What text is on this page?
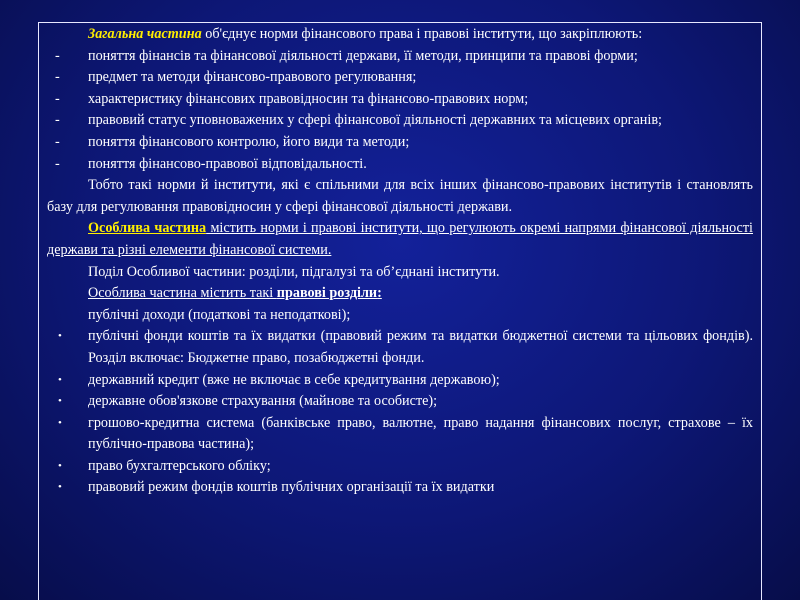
Загальна частина об'єднує норми фінансового права і правові інститути, що закріплюють:

- поняття фінансів та фінансової діяльності держави, її методи, принципи та правові форми;
- предмет та методи фінансово-правового регулювання;
- характеристику фінансових правовідносин та фінансово-правових норм;
- правовий статус уповноважених у сфері фінансової діяльності державних та місцевих органів;
- поняття фінансового контролю, його види та методи;
- поняття фінансово-правової відповідальності.

Тобто такі норми й інститути, які є спільними для всіх інших фінансово-правових інститутів і становлять базу для регулювання правовідносин у сфері фінансової діяльності держави.

Особлива частина містить норми і правові інститути, що регулюють окремі напрями фінансової діяльності держави та різні елементи фінансової системи.

Поділ Особливої частини: розділи, підгалузі та об’єднані інститути.

Особлива частина містить такі правові розділи:

публічні доходи (податкові та неподаткові);

• публічні фонди коштів та їх видатки (правовий режим та видатки бюджетної системи та цільових фондів). Розділ включає: Бюджетне право, позабюджетні фонди.
• державний кредит (вже не включає в себе кредитування державою);
• державне обов'язкове страхування (майнове та особисте);
• грошово-кредитна система (банківське право, валютне, право надання фінансових послуг, страхове – їх публічно-правова частина);
• право бухгалтерського обліку;
• правовий режим фондів коштів публічних організації та їх видатки
